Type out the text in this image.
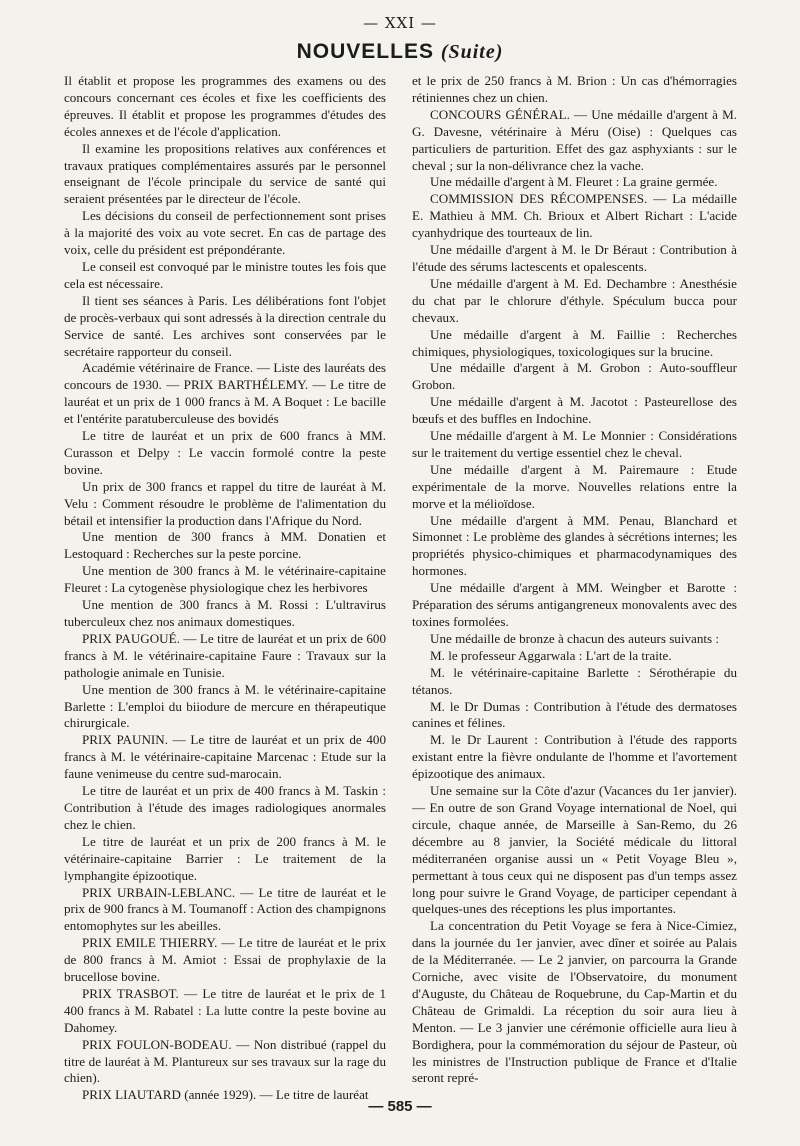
— XXI —
NOUVELLES (Suite)

Il établit et propose les programmes des examens ou des concours concernant ces écoles et fixe les coefficients des épreuves. Il établit et propose les programmes d'études des écoles annexes et de l'école d'application.

Il examine les propositions relatives aux conférences et travaux pratiques complémentaires assurés par le personnel enseignant de l'école principale du service de santé qui seraient présentées par le directeur de l'école.

Les décisions du conseil de perfectionnement sont prises à la majorité des voix au vote secret. En cas de partage des voix, celle du président est prépondérante.

Le conseil est convoqué par le ministre toutes les fois que cela est nécessaire.

Il tient ses séances à Paris. Les délibérations font l'objet de procès-verbaux qui sont adressés à la direction centrale du Service de santé. Les archives sont conservées par le secrétaire rapporteur du conseil.

Académie vétérinaire de France. — Liste des lauréats des concours de 1930. — PRIX BARTHÉLEMY. — Le titre de lauréat et un prix de 1 000 francs à M. A Boquet : Le bacille et l'entérite paratuberculeuse des bovidés

Le titre de lauréat et un prix de 600 francs à MM. Curasson et Delpy : Le vaccin formolé contre la peste bovine.

Un prix de 300 francs et rappel du titre de lauréat à M. Velu : Comment résoudre le problème de l'alimentation du bétail et intensifier la production dans l'Afrique du Nord.

Une mention de 300 francs à MM. Donatien et Lestoquard : Recherches sur la peste porcine.

Une mention de 300 francs à M. le vétérinaire-capitaine Fleuret : La cytogenèse physiologique chez les herbivores

Une mention de 300 francs à M. Rossi : L'ultravirus tuberculeux chez nos animaux domestiques.

PRIX PAUGOUÉ. — Le titre de lauréat et un prix de 600 francs à M. le vétérinaire-capitaine Faure : Travaux sur la pathologie animale en Tunisie.

Une mention de 300 francs à M. le vétérinaire-capitaine Barlette : L'emploi du biiodure de mercure en thérapeutique chirurgicale.

PRIX PAUNIN. — Le titre de lauréat et un prix de 400 francs à M. le vétérinaire-capitaine Marcenac : Etude sur la faune venimeuse du centre sud-marocain.

Le titre de lauréat et un prix de 400 francs à M. Taskin : Contribution à l'étude des images radiologiques anormales chez le chien.

Le titre de lauréat et un prix de 200 francs à M. le vétérinaire-capitaine Barrier : Le traitement de la lymphangite épizootique.

PRIX URBAIN-LEBLANC. — Le titre de lauréat et le prix de 900 francs à M. Toumanoff : Action des champignons entomophytes sur les abeilles.

PRIX EMILE THIERRY. — Le titre de lauréat et le prix de 800 francs à M. Amiot : Essai de prophylaxie de la brucellose bovine.

PRIX TRASBOT. — Le titre de lauréat et le prix de 1 400 francs à M. Rabatel : La lutte contre la peste bovine au Dahomey.

PRIX FOULON-BODEAU. — Non distribué (rappel du titre de lauréat à M. Plantureux sur ses travaux sur la rage du chien).

PRIX LIAUTARD (année 1929). — Le titre de lauréat

et le prix de 250 francs à M. Brion : Un cas d'hémorragies rétiniennes chez un chien.

CONCOURS GÉNÉRAL. — Une médaille d'argent à M. G. Davesne, vétérinaire à Méru (Oise) : Quelques cas particuliers de parturition. Effet des gaz asphyxiants : sur le cheval ; sur la non-délivrance chez la vache.

Une médaille d'argent à M. Fleuret : La graine germée.

COMMISSION DES RÉCOMPENSES. — La médaille E. Mathieu à MM. Ch. Brioux et Albert Richart : L'acide cyanhydrique des tourteaux de lin.

Une médaille d'argent à M. le Dr Béraut : Contribution à l'étude des sérums lactescents et opalescents.

Une médaille d'argent à M. Ed. Dechambre : Anesthésie du chat par le chlorure d'éthyle. Spéculum bucca pour chevaux.

Une médaille d'argent à M. Faillie : Recherches chimiques, physiologiques, toxicologiques sur la brucine.

Une médaille d'argent à M. Grobon : Auto-souffleur Grobon.

Une médaille d'argent à M. Jacotot : Pasteurellose des bœufs et des buffles en Indochine.

Une médaille d'argent à M. Le Monnier : Considérations sur le traitement du vertige essentiel chez le cheval.

Une médaille d'argent à M. Pairemaure : Etude expérimentale de la morve. Nouvelles relations entre la morve et la mélioïdose.

Une médaille d'argent à MM. Penau, Blanchard et Simonnet : Le problème des glandes à sécrétions internes; les propriétés physico-chimiques et pharmacodynamiques des hormones.

Une médaille d'argent à MM. Weingber et Barotte : Préparation des sérums antigangreneux monovalents avec des toxines formolées.

Une médaille de bronze à chacun des auteurs suivants :

M. le professeur Aggarwala : L'art de la traite.

M. le vétérinaire-capitaine Barlette : Sérothérapie du tétanos.

M. le Dr Dumas : Contribution à l'étude des dermatoses canines et félines.

M. le Dr Laurent : Contribution à l'étude des rapports existant entre la fièvre ondulante de l'homme et l'avortement épizootique des animaux.

Une semaine sur la Côte d'azur (Vacances du 1er janvier). — En outre de son Grand Voyage international de Noel, qui circule, chaque année, de Marseille à San-Remo, du 26 décembre au 8 janvier, la Société médicale du littoral méditerranéen organise aussi un « Petit Voyage Bleu », permettant à tous ceux qui ne disposent pas d'un temps assez long pour suivre le Grand Voyage, de participer cependant à quelques-unes des réceptions les plus importantes.

La concentration du Petit Voyage se fera à Nice-Cimiez, dans la journée du 1er janvier, avec dîner et soirée au Palais de la Méditerranée. — Le 2 janvier, on parcourra la Grande Corniche, avec visite de l'Observatoire, du monument d'Auguste, du Château de Roquebrune, du Cap-Martin et du Château de Grimaldi. La réception du soir aura lieu à Menton. — Le 3 janvier une cérémonie officielle aura lieu à Bordighera, pour la commémoration du séjour de Pasteur, où les ministres de l'Instruction publique de France et d'Italie seront repré-

— 585 —
